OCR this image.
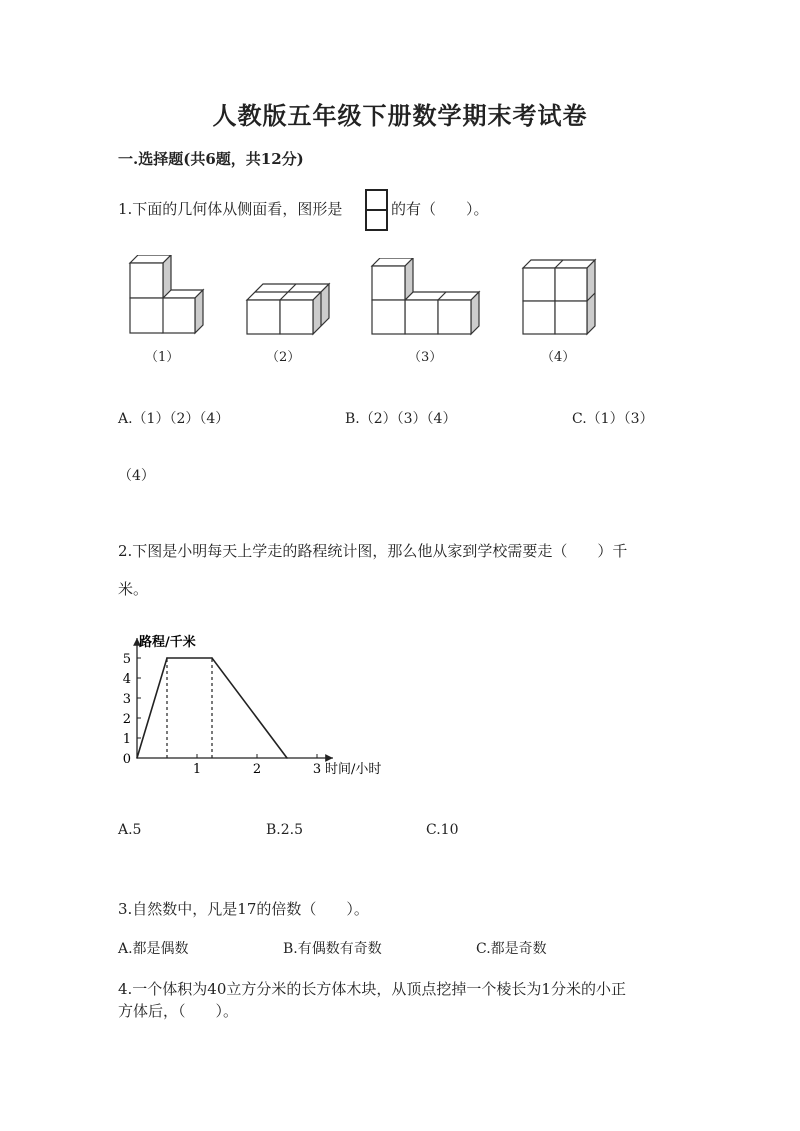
人教版五年级下册数学期末考试卷
一.选择题(共6题，共12分)
1.下面的几何体从侧面看，图形是	的有（　　）。
（1）	（2）	（3）	（4）
A.（1）（2）（4）	B.（2）（3）（4）	C.（1）（3）
（4）
2.下图是小明每天上学走的路程统计图，那么他从家到学校需要走（　　）千
米。
路程/千米
时间/小时
0
1
2
3
4
5
1	2	3
A.5	B.2.5	C.10
3.自然数中，凡是17的倍数（　　）。
A.都是偶数	B.有偶数有奇数	C.都是奇数
4.一个体积为40立方分米的长方体木块，从顶点挖掉一个棱长为1分米的小正
方体后，（　　）。
